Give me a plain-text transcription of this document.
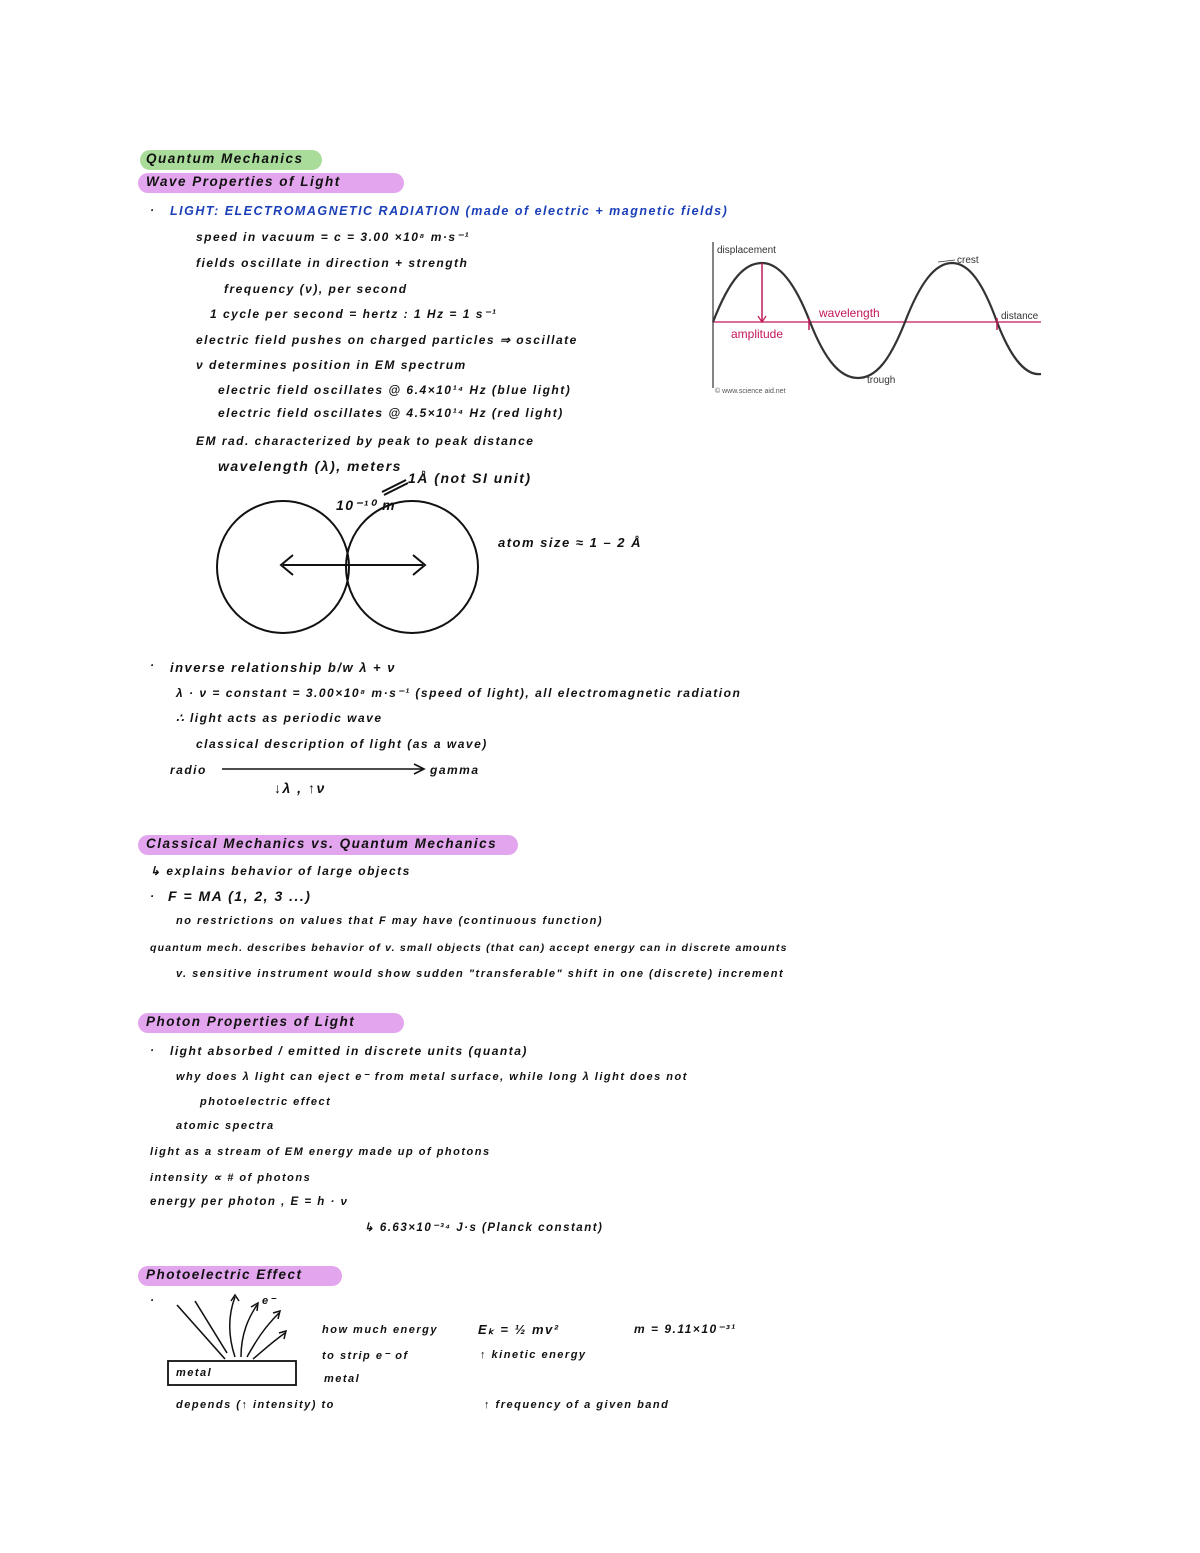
Quantum Mechanics
Wave Properties of Light
· LIGHT: ELECTROMAGNETIC RADIATION (made of electric + magnetic fields)
speed in vacuum = c = 3.00 ×10⁸ m·s⁻¹
fields oscillate in direction + strength
frequency (ν), per second
1 cycle per second = hertz : 1 Hz = 1 s⁻¹
electric field pushes on charged particles ⇒ oscillate
ν determines position in EM spectrum
electric field oscillates @ 6.4×10¹⁴ Hz (blue light)
electric field oscillates @ 4.5×10¹⁴ Hz (red light)
EM rad. characterized by peak to peak distance
wavelength (λ), meters
1Å (not SI unit)
10⁻¹⁰ m
atom size ≈ 1 – 2 Å
displacement
crest
distance
wavelength
amplitude
trough
© www.science aid.net
· inverse relationship b/w λ + ν
λ · ν = constant = 3.00×10⁸ m·s⁻¹ (speed of light), all electromagnetic radiation
∴ light acts as periodic wave
classical description of light (as a wave)
radio	gamma
↓λ , ↑ν
Classical Mechanics vs. Quantum Mechanics
↳ explains behavior of large objects
· F = MA (1, 2, 3 ...)
no restrictions on values that F may have (continuous function)
quantum mech. describes behavior of v. small objects (that can) accept energy can in discrete amounts
v. sensitive instrument would show sudden "transferable" shift in one (discrete) increment
Photon Properties of Light
· light absorbed / emitted in discrete units (quanta)
why does λ light can eject e⁻ from metal surface, while long λ light does not
photoelectric effect
atomic spectra
light as a stream of EM energy made up of photons
intensity ∝ # of photons
energy per photon , E = h · ν
↳ 6.63×10⁻³⁴ J·s (Planck constant)
Photoelectric Effect
·
metal
e⁻
how much energy
to strip e⁻ of
metal
Eₖ = ½ mv²
↑ kinetic energy
m = 9.11×10⁻³¹
depends (↑ intensity) to	↑ frequency of a given band
